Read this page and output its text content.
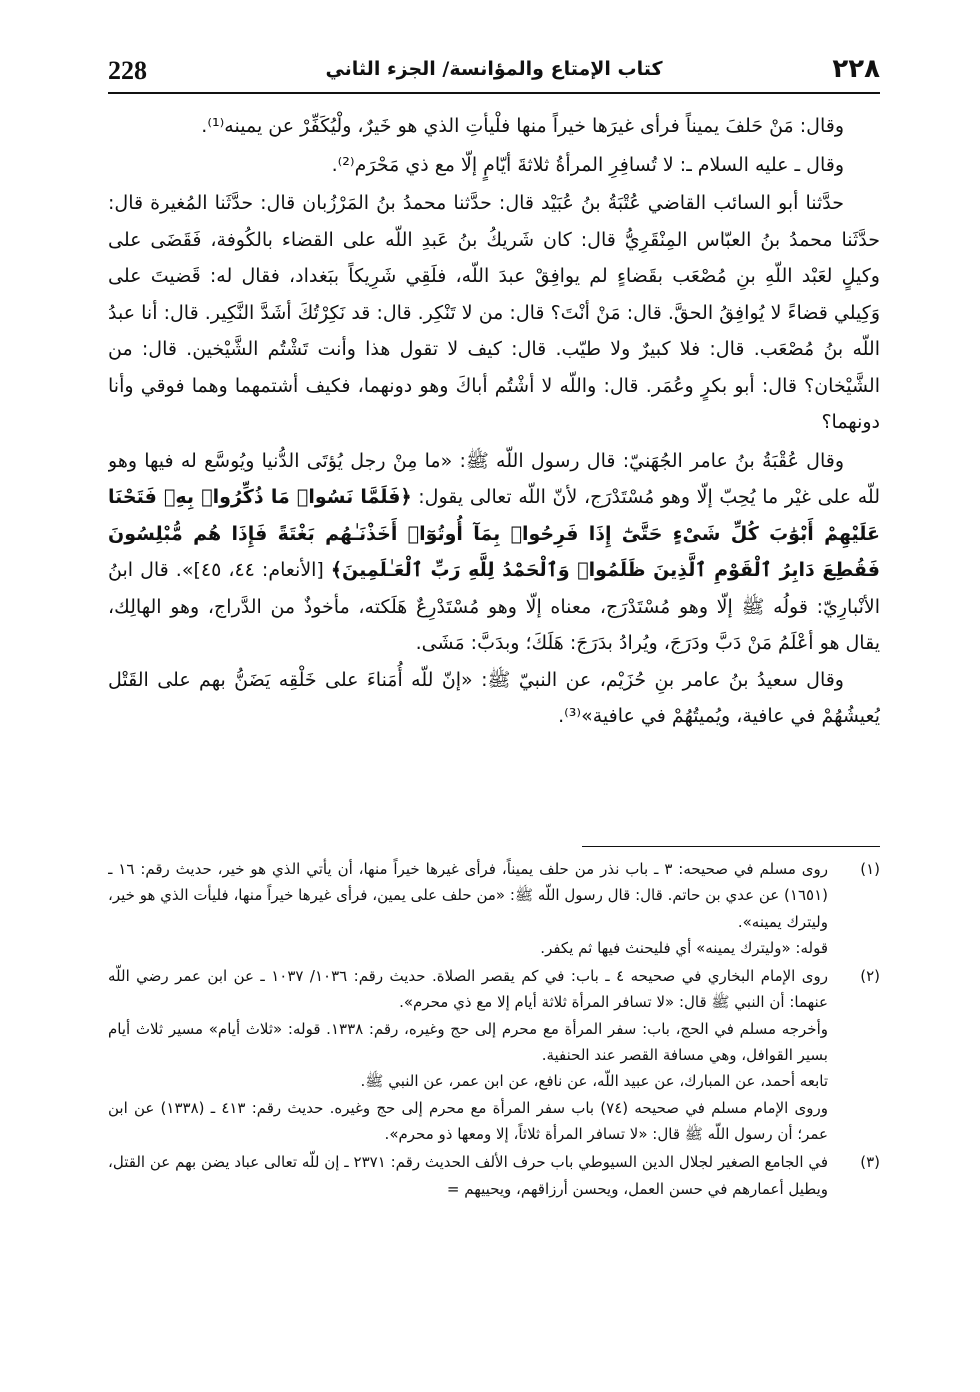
228	كتاب الإمتاع والمؤانسة/ الجزء الثاني	٢٢٨

وقال: مَنْ حَلفَ يميناً فرأى غيرَها خيراً منها فلْيأتِ الذي هو خَيرٌ، ولْيُكَفِّرْ عن يمينه⁽¹⁾.

وقال ـ عليه السلام ـ: لا تُسافِرِ المرأةُ ثلاثةَ أيّامٍ إلّا مع ذي مَحْرَم⁽²⁾.

حدَّثنا أبو السائب القاضي عُتْبَةُ بنُ عُبَيْد قال: حدَّثنا محمدُ بنُ المَرْزُبان قال: حدَّثَنا المُغيرة قال: حدَّثَنا محمدُ بنُ العبّاس المِنْقَرِيُّ قال: كان شَريكُ بنُ عَبدِ اللّه على القضاء بالكُوفة، فَقَضَى على وكيلٍ لعَبْد اللّهِ بنِ مُصْعَب بقَضاءٍ لم يوافِقْ عبدَ اللّه، فلَقِي شَرِيكاً ببَغداد، فقال له: قَضيتَ على وَكِيلي قضاءً لا يُوافِقُ الحقَّ. قال: مَنْ أنْتَ؟ قال: من لا تَنْكِر. قال: قد نَكِرْتُكَ أشَدَّ النَّكِير. قال: أنا عبدُ اللّه بنُ مُصْعَب. قال: فلا كبيرٌ ولا طيّب. قال: كيف لا تقول هذا وأنت تَشْتُم الشَّيْخين. قال: من الشَّيْخان؟ قال: أبو بكرٍ وعُمَر. قال: واللّه لا أشْتُم أباكَ وهو دونهما، فكيف أشتمهما وهما فوقي وأنا دونهما؟

وقال عُقْبَةُ بنُ عامر الجُهَنيّ: قال رسول اللّه ﷺ: «ما مِنْ رجل يُؤتَى الدُّنيا ويُوسَّع له فيها وهو للّه على غيْر ما يُحِبّ إلّا وهو مُسْتَدْرَج، لأنّ اللّه تعالى يقول: ﴿فَلَمَّا نَسُوا۟ مَا ذُكِّرُوا۟ بِهِۦ فَتَحْنَا عَلَيْهِمْ أَبْوَٰبَ كُلِّ شَىْءٍ حَتَّىٰٓ إِذَا فَرِحُوا۟ بِمَآ أُوتُوٓا۟ أَخَذْنَـٰهُم بَغْتَةً فَإِذَا هُم مُّبْلِسُونَ فَقُطِعَ دَابِرُ ٱلْقَوْمِ ٱلَّذِينَ ظَلَمُوا۟ وَٱلْحَمْدُ لِلَّهِ رَبِّ ٱلْعَـٰلَمِينَ﴾ [الأنعام: ٤٤، ٤٥]». قال ابنُ الأنْبارِيّ: قولُه ﷺ إلّا وهو مُسْتَدْرَج، معناه إلّا وهو مُسْتَدْرِعٌ هَلَكته، مأخوذٌ من الدَّراج، وهو الهالِك، يقال هو أعْلَمُ مَنْ دَبَّ ودَرَجَ، ويُرادُ بدَرَجَ: هَلَكَ؛ وبدَبَّ: مَشَى.

وقال سعيدُ بنُ عامر بنِ حُزَيْم، عن النبيّ ﷺ: «إنّ للّه أُمَناءَ على خَلْقِه يَضَنُّ بهم على القَتْل يُعيشُهُمْ في عافية، ويُميتُهُمْ في عافية»⁽³⁾.

(١)

روى مسلم في صحيحه: ٣ ـ باب نذر من حلف يميناً، فرأى غيرها خيراً منها، أن يأتي الذي هو خير، حديث رقم: ١٦ ـ (١٦٥١) عن عدي بن حاتم. قال: قال رسول اللّه ﷺ: «من حلف على يمين، فرأى غيرها خيراً منها، فليأت الذي هو خير، وليترك يمينه».

قوله: «وليترك يمينه» أي فليحنث فيها ثم يكفر.

(٢)

روى الإمام البخاري في صحيحه ٤ ـ باب: في كم يقصر الصلاة. حديث رقم: ١٠٣٦/ ١٠٣٧ ـ عن ابن عمر رضي اللّه عنهما: أن النبي ﷺ قال: «لا تسافر المرأة ثلاثة أيام إلا مع ذي محرم».

وأخرجه مسلم في الحج، باب: سفر المرأة مع محرم إلى حج وغيره، رقم: ١٣٣٨. قوله: «ثلاث أيام» مسير ثلاث أيام بسير القوافل، وهي مسافة القصر عند الحنفية.

تابعه أحمد، عن المبارك، عن عبيد اللّه، عن نافع، عن ابن عمر، عن النبي ﷺ.

وروى الإمام مسلم في صحيحه (٧٤) باب سفر المرأة مع محرم إلى حج وغيره. حديث رقم: ٤١٣ ـ (١٣٣٨) عن ابن عمر؛ أن رسول اللّه ﷺ قال: «لا تسافر المرأة ثلاثاً، إلا ومعها ذو محرم».

(٣)

في الجامع الصغير لجلال الدين السيوطي باب حرف الألف الحديث رقم: ٢٣٧١ ـ إن للّه تعالى عباد يضن بهم عن القتل، ويطيل أعمارهم في حسن العمل، ويحسن أرزاقهم، ويحييهم =
